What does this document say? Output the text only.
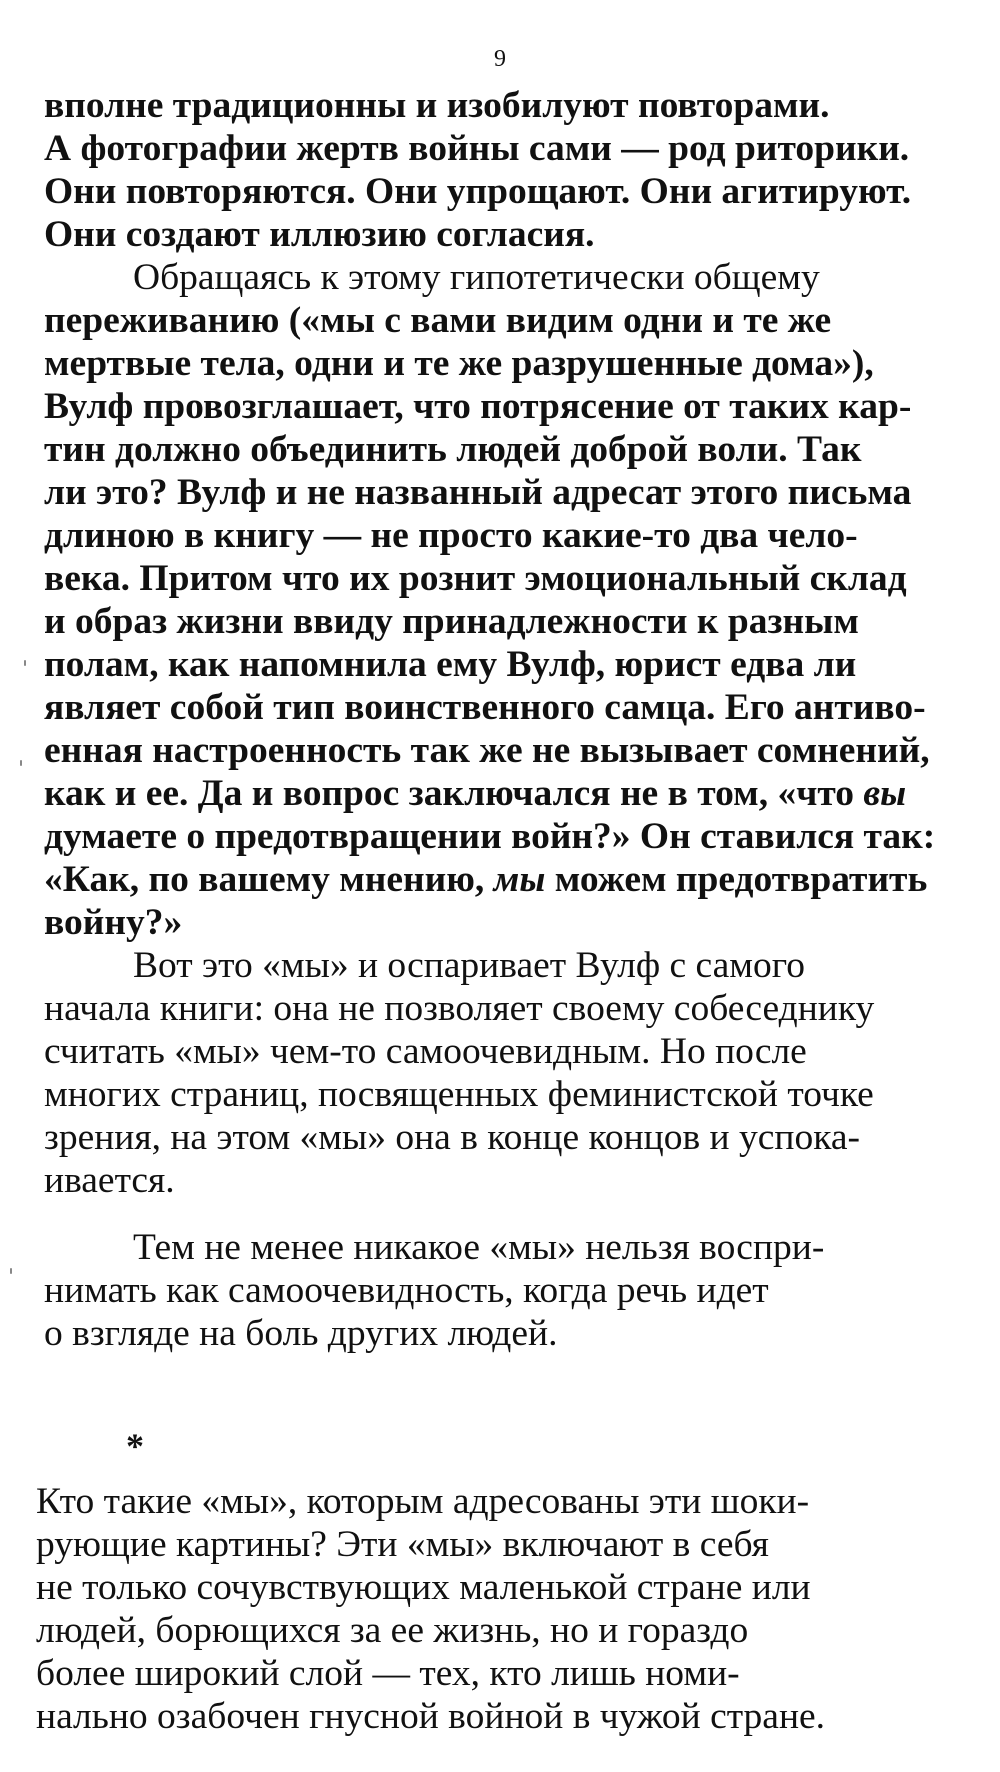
9
вполне традиционны и изобилуют повторами.
А фотографии жертв войны сами — род риторики.
Они повторяются. Они упрощают. Они агитируют.
Они создают иллюзию согласия.
Обращаясь к этому гипотетически общему
переживанию («мы с вами видим одни и те же
мертвые тела, одни и те же разрушенные дома»),
Вулф провозглашает, что потрясение от таких кар-
тин должно объединить людей доброй воли. Так
ли это? Вулф и не названный адресат этого письма
длиною в книгу — не просто какие-то два чело-
века. Притом что их рознит эмоциональный склад
и образ жизни ввиду принадлежности к разным
полам, как напомнила ему Вулф, юрист едва ли
являет собой тип воинственного самца. Его антиво-
енная настроенность так же не вызывает сомнений,
как и ее. Да и вопрос заключался не в том, «что вы
думаете о предотвращении войн?» Он ставился так:
«Как, по вашему мнению, мы можем предотвратить
войну?»
Вот это «мы» и оспаривает Вулф с самого
начала книги: она не позволяет своему собеседнику
считать «мы» чем-то самоочевидным. Но после
многих страниц, посвященных феминистской точке
зрения, на этом «мы» она в конце концов и успока-
ивается.
Тем не менее никакое «мы» нельзя воспри-
нимать как самоочевидность, когда речь идет
о взгляде на боль других людей.
*
Кто такие «мы», которым адресованы эти шоки-
рующие картины? Эти «мы» включают в себя
не только сочувствующих маленькой стране или
людей, борющихся за ее жизнь, но и гораздо
более широкий слой — тех, кто лишь номи-
нально озабочен гнусной войной в чужой стране.
